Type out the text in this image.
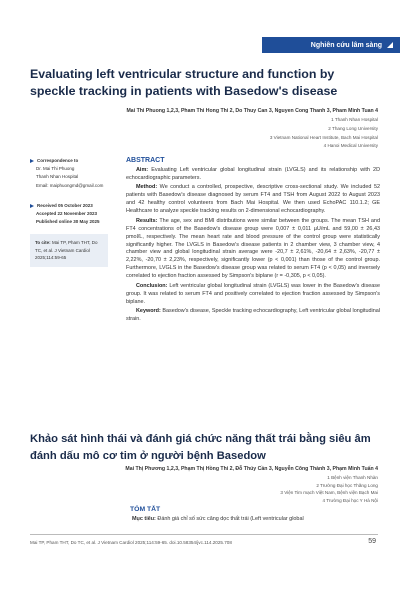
Nghiên cứu lâm sàng
Evaluating left ventricular structure and function by speckle tracking in patients with Basedow's disease
Mai Thi Phuong 1,2,3, Pham Thi Hong Thi 2, Do Thuy Can 3, Nguyen Cong Thanh 3, Pham Minh Tuan 4
1 Thanh Nhan Hospital
2 Thang Long University
3 Vietnam National Heart Institute, Bach Mai Hospital
4 Hanoi Medical University
Correspondence to
Dr. Mai Thi Phuong
Thanh Nhan Hospital
Email: maiphuongmd@gmail.com
Received 05 October 2023
Accepted 22 November 2023
Published online 30 May 2025
To cite: Mai TP, Pham THT, Do TC, et al. J Vietnam Cardiol 2025;114:59-65
ABSTRACT

Aim: Evaluating Left ventricular global longitudinal strain (LVGLS) and its relationship with 2D echocardiographic parameters.

Method: We conduct a controlled, prospective, descriptive cross-sectional study. We included 52 patients with Basedow's disease diagnosed by serum FT4 and TSH from August 2022 to August 2023 and 42 healthy control volunteers from Bach Mai Hospital. We then used EchoPAC 110.1.2; GE Healthcare to analyze speckle tracking results on 2-dimensional echocardiography.

Results: The age, sex and BMI distributions were similar between the groups. The mean TSH and FT4 concentrations of the Basedow's disease group were 0,007 ± 0,011 µU/mL and 59,00 ± 26,43 pmol/L, respectively. The mean heart rate and blood pressure of the control group were statistically significantly higher. The LVGLS in Basedow's disease patients in 2 chamber view, 3 chamber view, 4 chamber view and global longitudinal strain average were -20,7 ± 2,61%, -20,64 ± 2,63%, -20,77 ± 2,22%, -20,70 ± 2,23%, respectively, significantly lower (p < 0,001) than those of the control group. Furthermore, LVGLS in the Basedow's disease group was related to serum FT4 (p < 0,05) and inversely correlated to ejection fraction assessed by Simpson's biplane (r = -0,305, p < 0,05).

Conclusion: Left ventricular global longitudinal strain (LVGLS) was lower in the Basedow's disease group. It was related to serum FT4 and positively correlated to ejection fraction assessed by Simpson's biplane.

Keyword: Basedow's disease, Speckle tracking echocardiography, Left ventricular global longitudinal strain.

Khảo sát hình thái và đánh giá chức năng thất trái bằng siêu âm đánh dấu mô cơ tim ở người bệnh Basedow
Mai Thị Phương 1,2,3, Phạm Thị Hồng Thi 2, Đỗ Thúy Cần 3, Nguyễn Công Thành 3, Phạm Minh Tuấn 4
1 Bệnh viện Thanh Nhàn
2 Trường Đại học Thăng Long
3 Viện Tim mạch Việt Nam, Bệnh viện Bạch Mai
4 Trường Đại học Y Hà Nội
TÓM TẮT
Mục tiêu: Đánh giá chỉ số sức căng dọc thất trái (Left ventricular global
Mai TP, Pham THT, Do TC, et al. J Vietnam Cardiol 2025;114:59-65. doi.10.58354/jvc.114.2025.708	59
